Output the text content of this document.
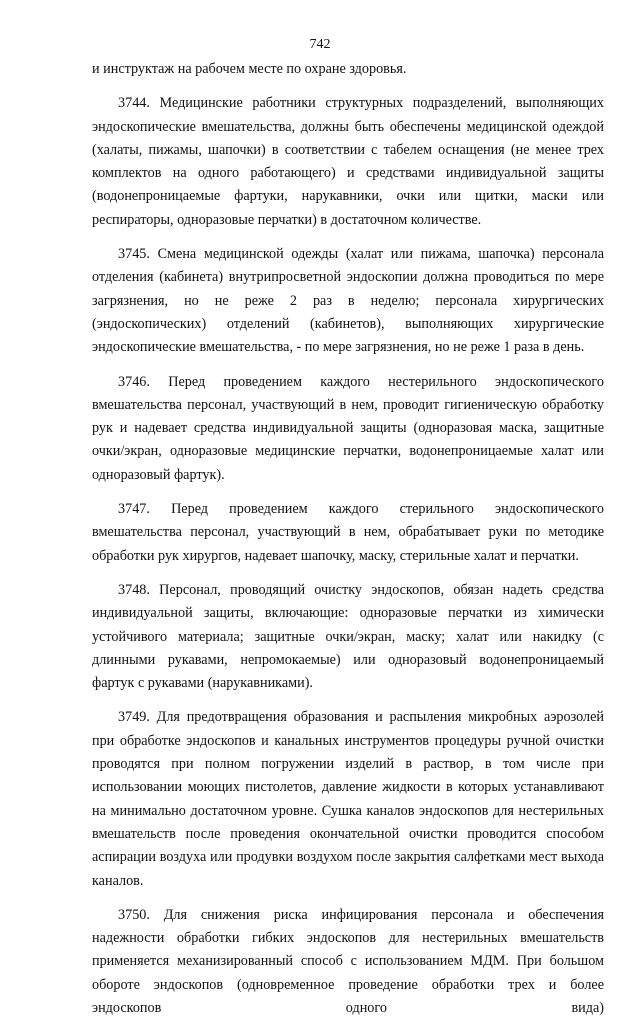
742

и инструктаж на рабочем месте по охране здоровья.

3744. Медицинские работники структурных подразделений, выполняющих эндоскопические вмешательства, должны быть обеспечены медицинской одеждой (халаты, пижамы, шапочки) в соответствии с табелем оснащения (не менее трех комплектов на одного работающего) и средствами индивидуальной защиты (водонепроницаемые фартуки, нарукавники, очки или щитки, маски или респираторы, одноразовые перчатки) в достаточном количестве.

3745. Смена медицинской одежды (халат или пижама, шапочка) персонала отделения (кабинета) внутрипросветной эндоскопии должна проводиться по мере загрязнения, но не реже 2 раз в неделю; персонала хирургических (эндоскопических) отделений (кабинетов), выполняющих хирургические эндоскопические вмешательства, - по мере загрязнения, но не реже 1 раза в день.

3746. Перед проведением каждого нестерильного эндоскопического вмешательства персонал, участвующий в нем, проводит гигиеническую обработку рук и надевает средства индивидуальной защиты (одноразовая маска, защитные очки/экран, одноразовые медицинские перчатки, водонепроницаемые халат или одноразовый фартук).

3747. Перед проведением каждого стерильного эндоскопического вмешательства персонал, участвующий в нем, обрабатывает руки по методике обработки рук хирургов, надевает шапочку, маску, стерильные халат и перчатки.

3748. Персонал, проводящий очистку эндоскопов, обязан надеть средства индивидуальной защиты, включающие: одноразовые перчатки из химически устойчивого материала; защитные очки/экран, маску; халат или накидку (с длинными рукавами, непромокаемые) или одноразовый водонепроницаемый фартук с рукавами (нарукавниками).

3749. Для предотвращения образования и распыления микробных аэрозолей при обработке эндоскопов и канальных инструментов процедуры ручной очистки проводятся при полном погружении изделий в раствор, в том числе при использовании моющих пистолетов, давление жидкости в которых устанавливают на минимально достаточном уровне. Сушка каналов эндоскопов для нестерильных вмешательств после проведения окончательной очистки проводится способом аспирации воздуха или продувки воздухом после закрытия салфетками мест выхода каналов.

3750. Для снижения риска инфицирования персонала и обеспечения надежности обработки гибких эндоскопов для нестерильных вмешательств применяется механизированный способ с использованием МДМ. При большом обороте эндоскопов (одновременное проведение обработки трех и более эндоскопов одного вида)
